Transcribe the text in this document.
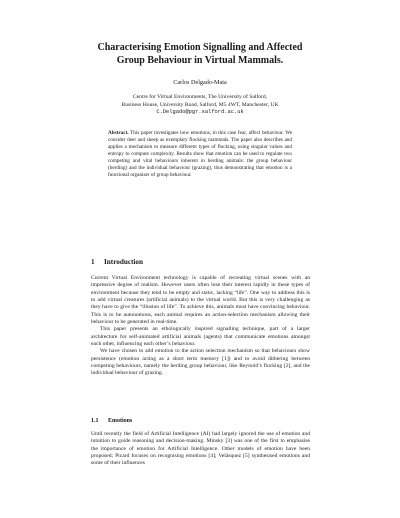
Characterising Emotion Signalling and Affected
Group Behaviour in Virtual Mammals.
Carlos Delgado-Mata
Centre for Virtual Environments, The University of Salford,
Business House, University Road, Salford, M5 4WT, Manchester, UK
C.Delgado@pgr.salford.ac.uk
Abstract. This paper investigates how emotions, in this case fear, affect behaviour. We consider deer and sheep as exemplary flocking mammals. The paper also describes and applies a mechanism to measure different types of flocking, using singular values and entropy to compute complexity. Results show that emotion can be used to regulate two competing and vital behaviours inherent in herding animals: the group behaviour (herding) and the individual behaviour (grazing), thus demonstrating that emotion is a functional organiser of group behaviour.
1 Introduction

Current Virtual Environment technology is capable of recreating virtual scenes with an impressive degree of realism. However users often lose their interest rapidly in these types of environment because they tend to be empty and static, lacking “life”. One way to address this is to add virtual creatures (artificial animals) to the virtual world. But this is very challenging as they have to give the “illusion of life”. To achieve this, animals must have convincing behaviour. This is to be autonomous, each animal requires an action-selection mechanism allowing their behaviour to be generated in real-time.

This paper presents an ethologically inspired signalling technique, part of a larger architecture for self-animated artificial animals (agents) that communicate emotions amongst each other, influencing each other’s behaviour.

We have chosen to add emotion to the action selection mechanism so that behaviours show persistence (emotion acting as a short term memory [1]) and to avoid dithering between competing behaviours, namely the herding group behaviour, like Reynold’s flocking [2], and the individual behaviour of grazing.

1.1 Emotions

Until recently the field of Artificial Intelligence (AI) had largely ignored the use of emotion and intuition to guide reasoning and decision-making. Minsky [3] was one of the first to emphasise the importance of emotion for Artificial Intelligence. Other models of emotion have been proposed; Picard focuses on recognising emotions [4]; Velásquez [5] synthesised emotions and some of their influences
